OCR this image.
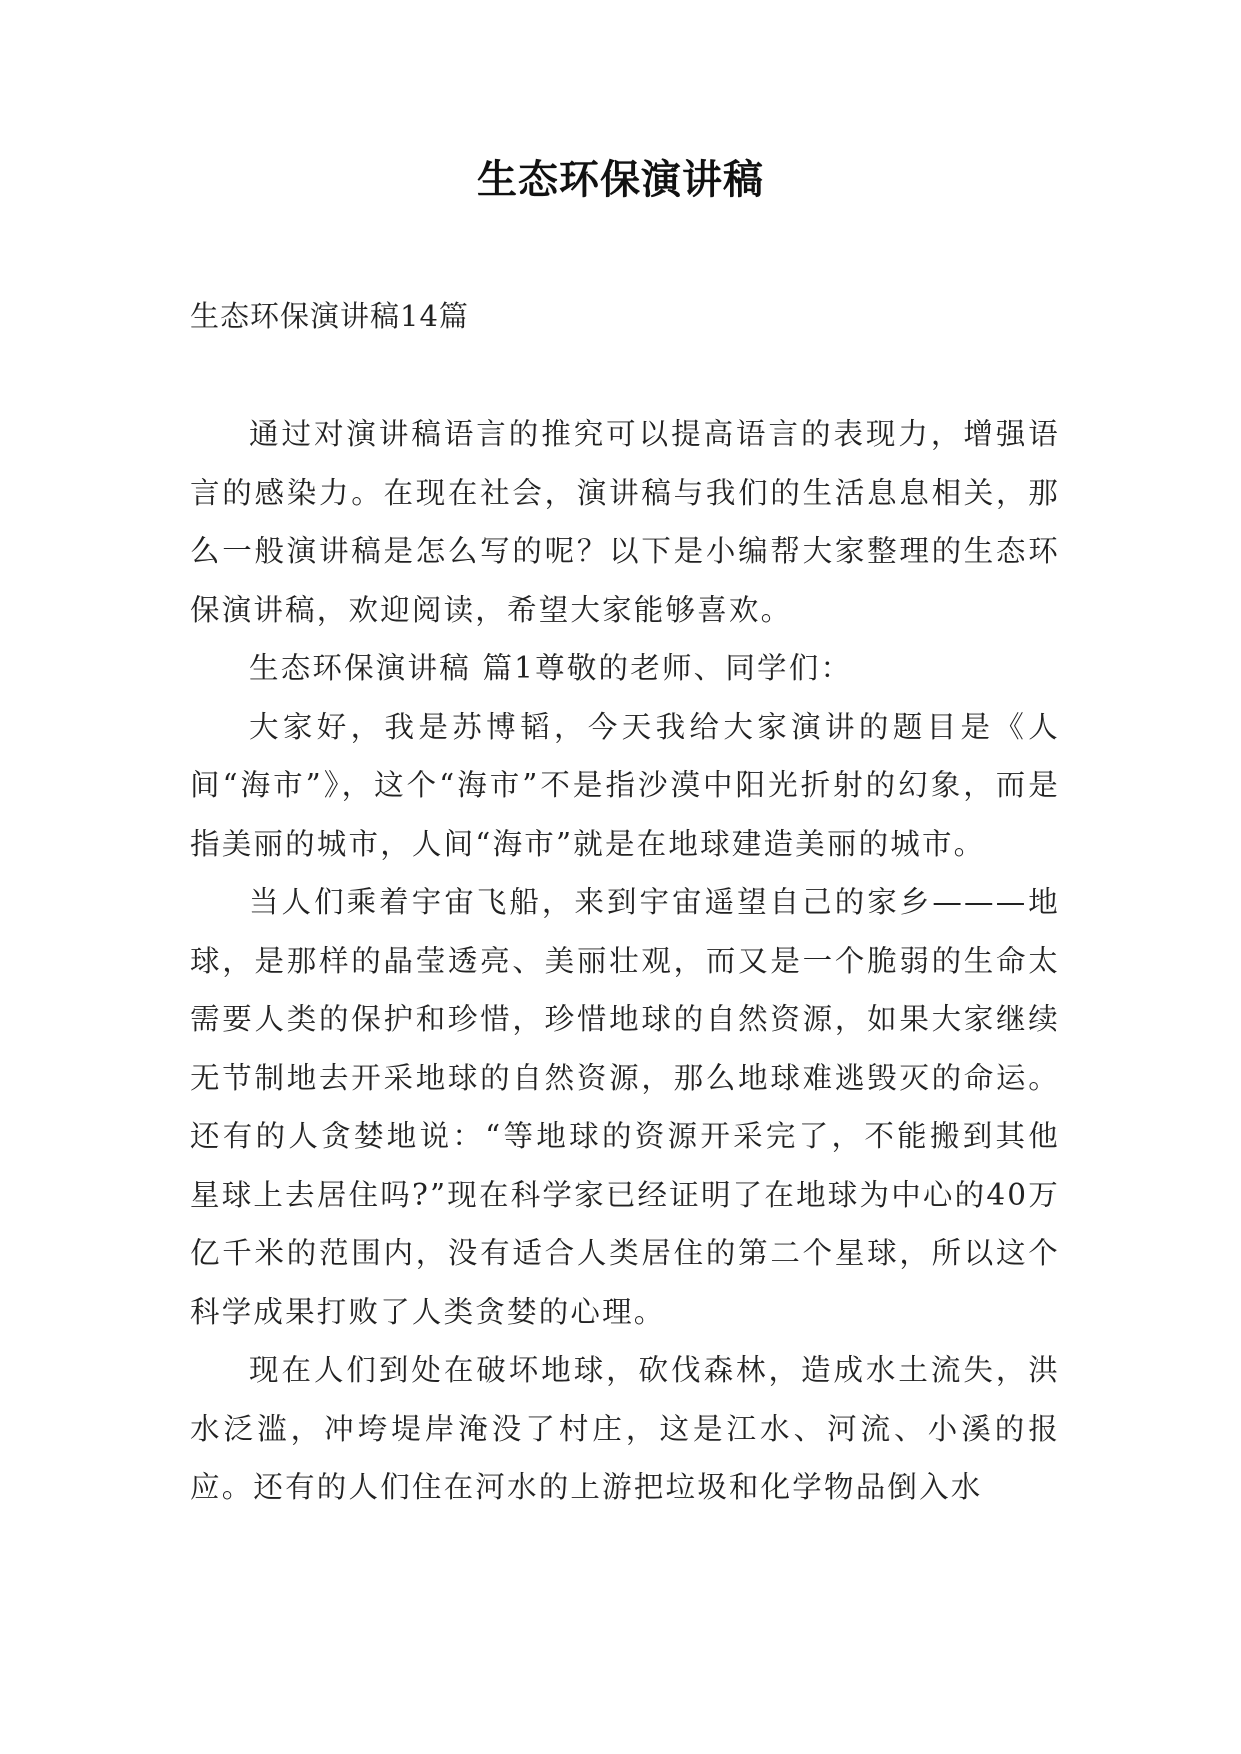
生态环保演讲稿
生态环保演讲稿14篇

通过对演讲稿语言的推究可以提高语言的表现力，增强语言的感染力。在现在社会，演讲稿与我们的生活息息相关，那么一般演讲稿是怎么写的呢？以下是小编帮大家整理的生态环保演讲稿，欢迎阅读，希望大家能够喜欢。

生态环保演讲稿 篇1尊敬的老师、同学们：

大家好，我是苏博韬，今天我给大家演讲的题目是《人间“海市”》，这个“海市”不是指沙漠中阳光折射的幻象，而是指美丽的城市，人间“海市”就是在地球建造美丽的城市。

当人们乘着宇宙飞船，来到宇宙遥望自己的家乡———地球，是那样的晶莹透亮、美丽壮观，而又是一个脆弱的生命太需要人类的保护和珍惜，珍惜地球的自然资源，如果大家继续无节制地去开采地球的自然资源，那么地球难逃毁灭的命运。还有的人贪婪地说：“等地球的资源开采完了，不能搬到其他星球上去居住吗?”现在科学家已经证明了在地球为中心的40万亿千米的范围内，没有适合人类居住的第二个星球，所以这个科学成果打败了人类贪婪的心理。

现在人们到处在破坏地球，砍伐森林，造成水土流失，洪水泛滥，冲垮堤岸淹没了村庄，这是江水、河流、小溪的报应。还有的人们住在河水的上游把垃圾和化学物品倒入水
